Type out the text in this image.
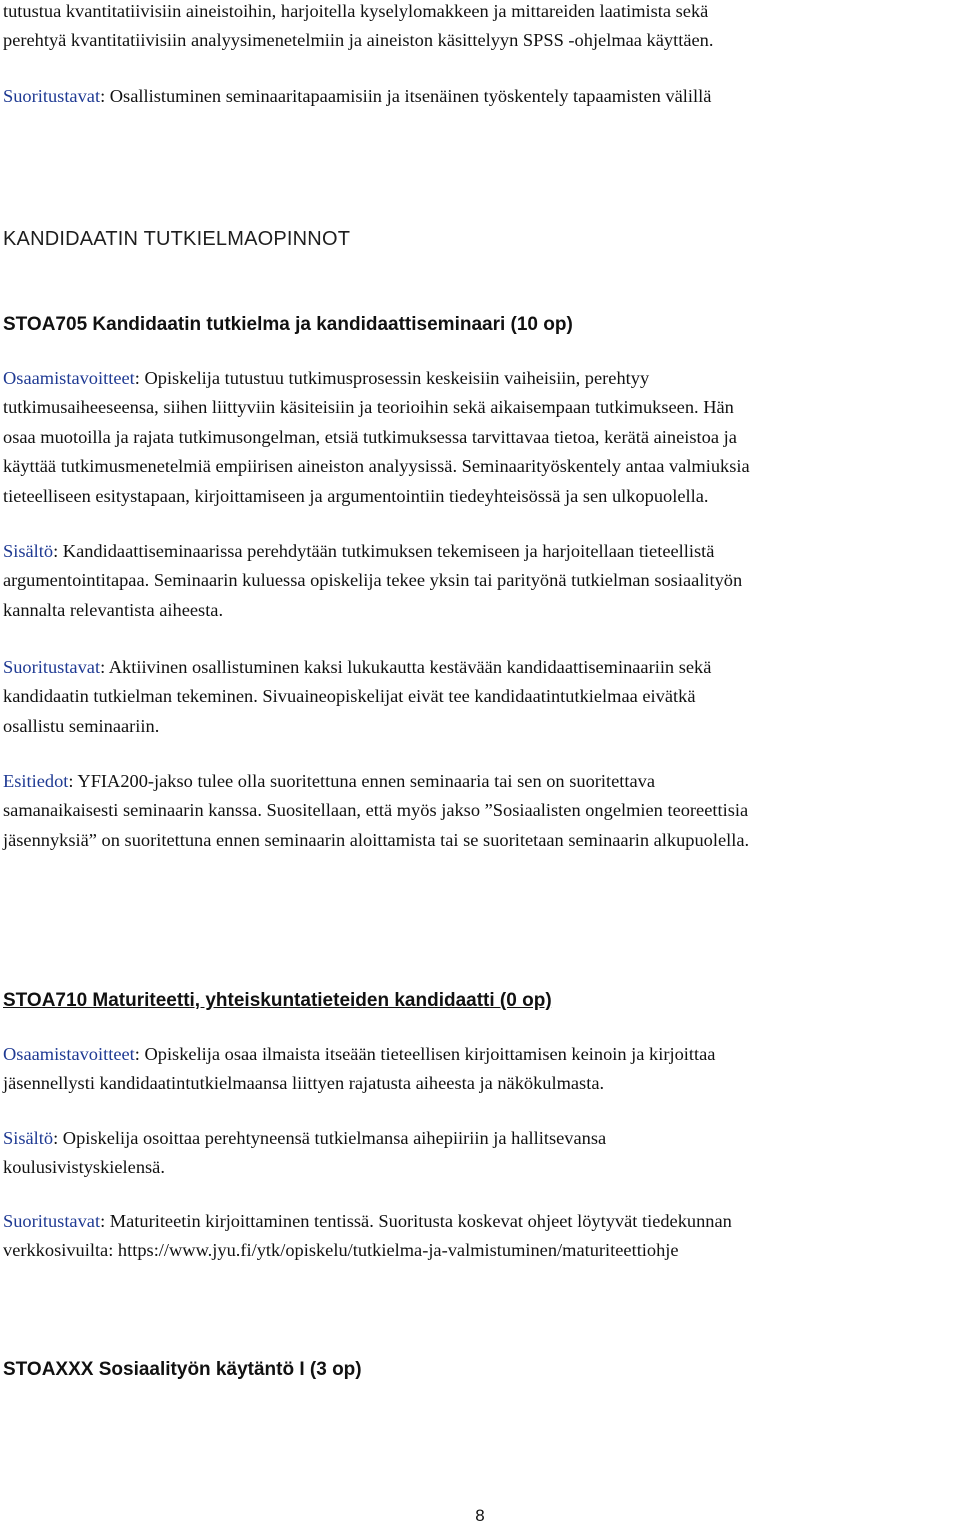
tutustua kvantitatiivisiin aineistoihin, harjoitella kyselylomakkeen ja mittareiden laatimista sekä

perehtyä kvantitatiivisiin analyysimenetelmiin ja aineiston käsittelyyn SPSS -ohjelmaa käyttäen.

Suoritustavat: Osallistuminen seminaaritapaamisiin ja itsenäinen työskentely tapaamisten välillä

KANDIDAATIN TUTKIELMAOPINNOT
STOA705 Kandidaatin tutkielma ja kandidaattiseminaari (10 op)

Osaamistavoitteet: Opiskelija tutustuu tutkimusprosessin keskeisiin vaiheisiin, perehtyy

tutkimusaiheeseensa, siihen liittyviin käsiteisiin ja teorioihin sekä aikaisempaan tutkimukseen. Hän

osaa muotoilla ja rajata tutkimusongelman, etsiä tutkimuksessa tarvittavaa tietoa, kerätä aineistoa ja

käyttää tutkimusmenetelmiä empiirisen aineiston analyysissä. Seminaarityöskentely antaa valmiuksia

tieteelliseen esitystapaan, kirjoittamiseen ja argumentointiin tiedeyhteisössä ja sen ulkopuolella.

Sisältö: Kandidaattiseminaarissa perehdytään tutkimuksen tekemiseen ja harjoitellaan tieteellistä

argumentointitapaa. Seminaarin kuluessa opiskelija tekee yksin tai parityönä tutkielman sosiaalityön

kannalta relevantista aiheesta.

Suoritustavat: Aktiivinen osallistuminen kaksi lukukautta kestävään kandidaattiseminaariin sekä

kandidaatin tutkielman tekeminen. Sivuaineopiskelijat eivät tee kandidaatintutkielmaa eivätkä

osallistu seminaariin.

Esitiedot: YFIA200-jakso tulee olla suoritettuna ennen seminaaria tai sen on suoritettava

samanaikaisesti seminaarin kanssa. Suositellaan, että myös jakso ”Sosiaalisten ongelmien teoreettisia

jäsennyksiä” on suoritettuna ennen seminaarin aloittamista tai se suoritetaan seminaarin alkupuolella.

STOA710 Maturiteetti, yhteiskuntatieteiden kandidaatti (0 op)

Osaamistavoitteet: Opiskelija osaa ilmaista itseään tieteellisen kirjoittamisen keinoin ja kirjoittaa

jäsennellysti kandidaatintutkielmaansa liittyen rajatusta aiheesta ja näkökulmasta.

Sisältö: Opiskelija osoittaa perehtyneensä tutkielmansa aihepiiriin ja hallitsevansa

koulusivistyskielensä.

Suoritustavat: Maturiteetin kirjoittaminen tentissä. Suoritusta koskevat ohjeet löytyvät tiedekunnan

verkkosivuilta: https://www.jyu.fi/ytk/opiskelu/tutkielma-ja-valmistuminen/maturiteettiohje

STOAXXX Sosiaalityön käytäntö I (3 op)
8
